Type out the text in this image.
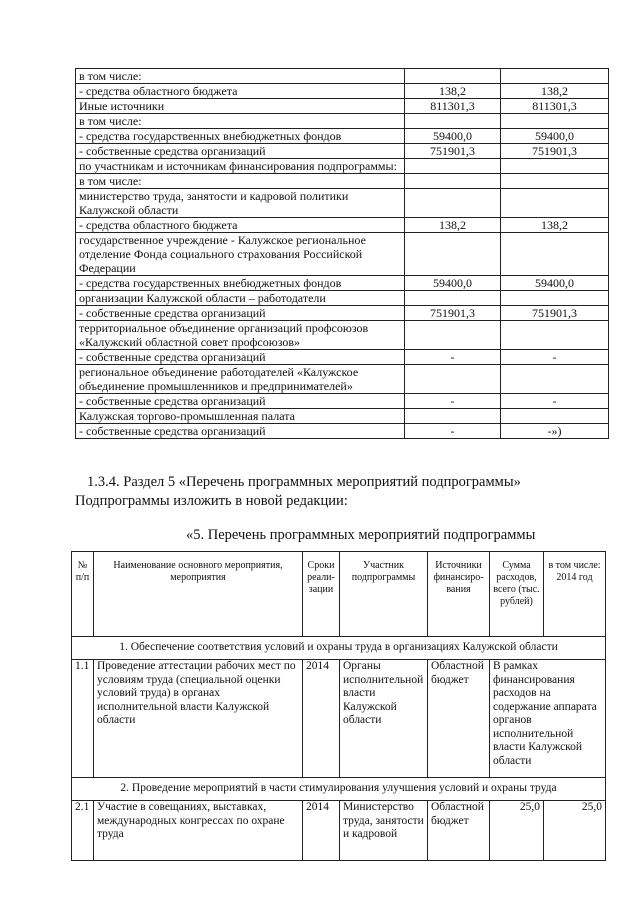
в том числе:		
- средства областного бюджета	138,2	138,2
Иные источники	811301,3	811301,3
в том числе:		
- средства государственных внебюджетных фондов	59400,0	59400,0
- собственные средства организаций	751901,3	751901,3
по участникам и источникам финансирования подпрограммы:		
в том числе:		
министерство труда, занятости и кадровой политики Калужской области		
- средства областного бюджета	138,2	138,2
государственное учреждение - Калужское региональное отделение Фонда социального страхования Российской Федерации		
- средства государственных внебюджетных фондов	59400,0	59400,0
организации Калужской области – работодатели		
- собственные средства организаций	751901,3	751901,3
территориальное объединение организаций профсоюзов «Калужский областной совет профсоюзов»		
- собственные средства организаций	-	-
региональное объединение работодателей «Калужское объединение промышленников и предпринимателей»		
- собственные средства организаций	-	-
Калужская торгово-промышленная палата		
- собственные средства организаций	-	-»)
1.3.4. Раздел 5 «Перечень программных мероприятий подпрограммы» Подпрограммы изложить в новой редакции:
«5. Перечень программных мероприятий подпрограммы
№ п/п	Наименование основного мероприятия, мероприятия	Сроки реали-зации	Участник подпрограммы	Источники финансиро-вания	Сумма расходов, всего (тыс. рублей)	в том числе: 2014 год
1. Обеспечение соответствия условий и охраны труда в организациях Калужской области						
1.1	Проведение аттестации рабочих мест по условиям труда (специальной оценки условий труда) в органах исполнительной власти Калужской области	2014	Органы исполнительной власти Калужской области	Областной бюджет	В рамках финансирования расходов на содержание аппарата органов исполнительной власти Калужской области	
2. Проведение мероприятий в части стимулирования улучшения условий и охраны труда						
2.1	Участие в совещаниях, выставках, международных конгрессах по охране труда	2014	Министерство труда, занятости и кадровой	Областной бюджет	25,0	25,0
